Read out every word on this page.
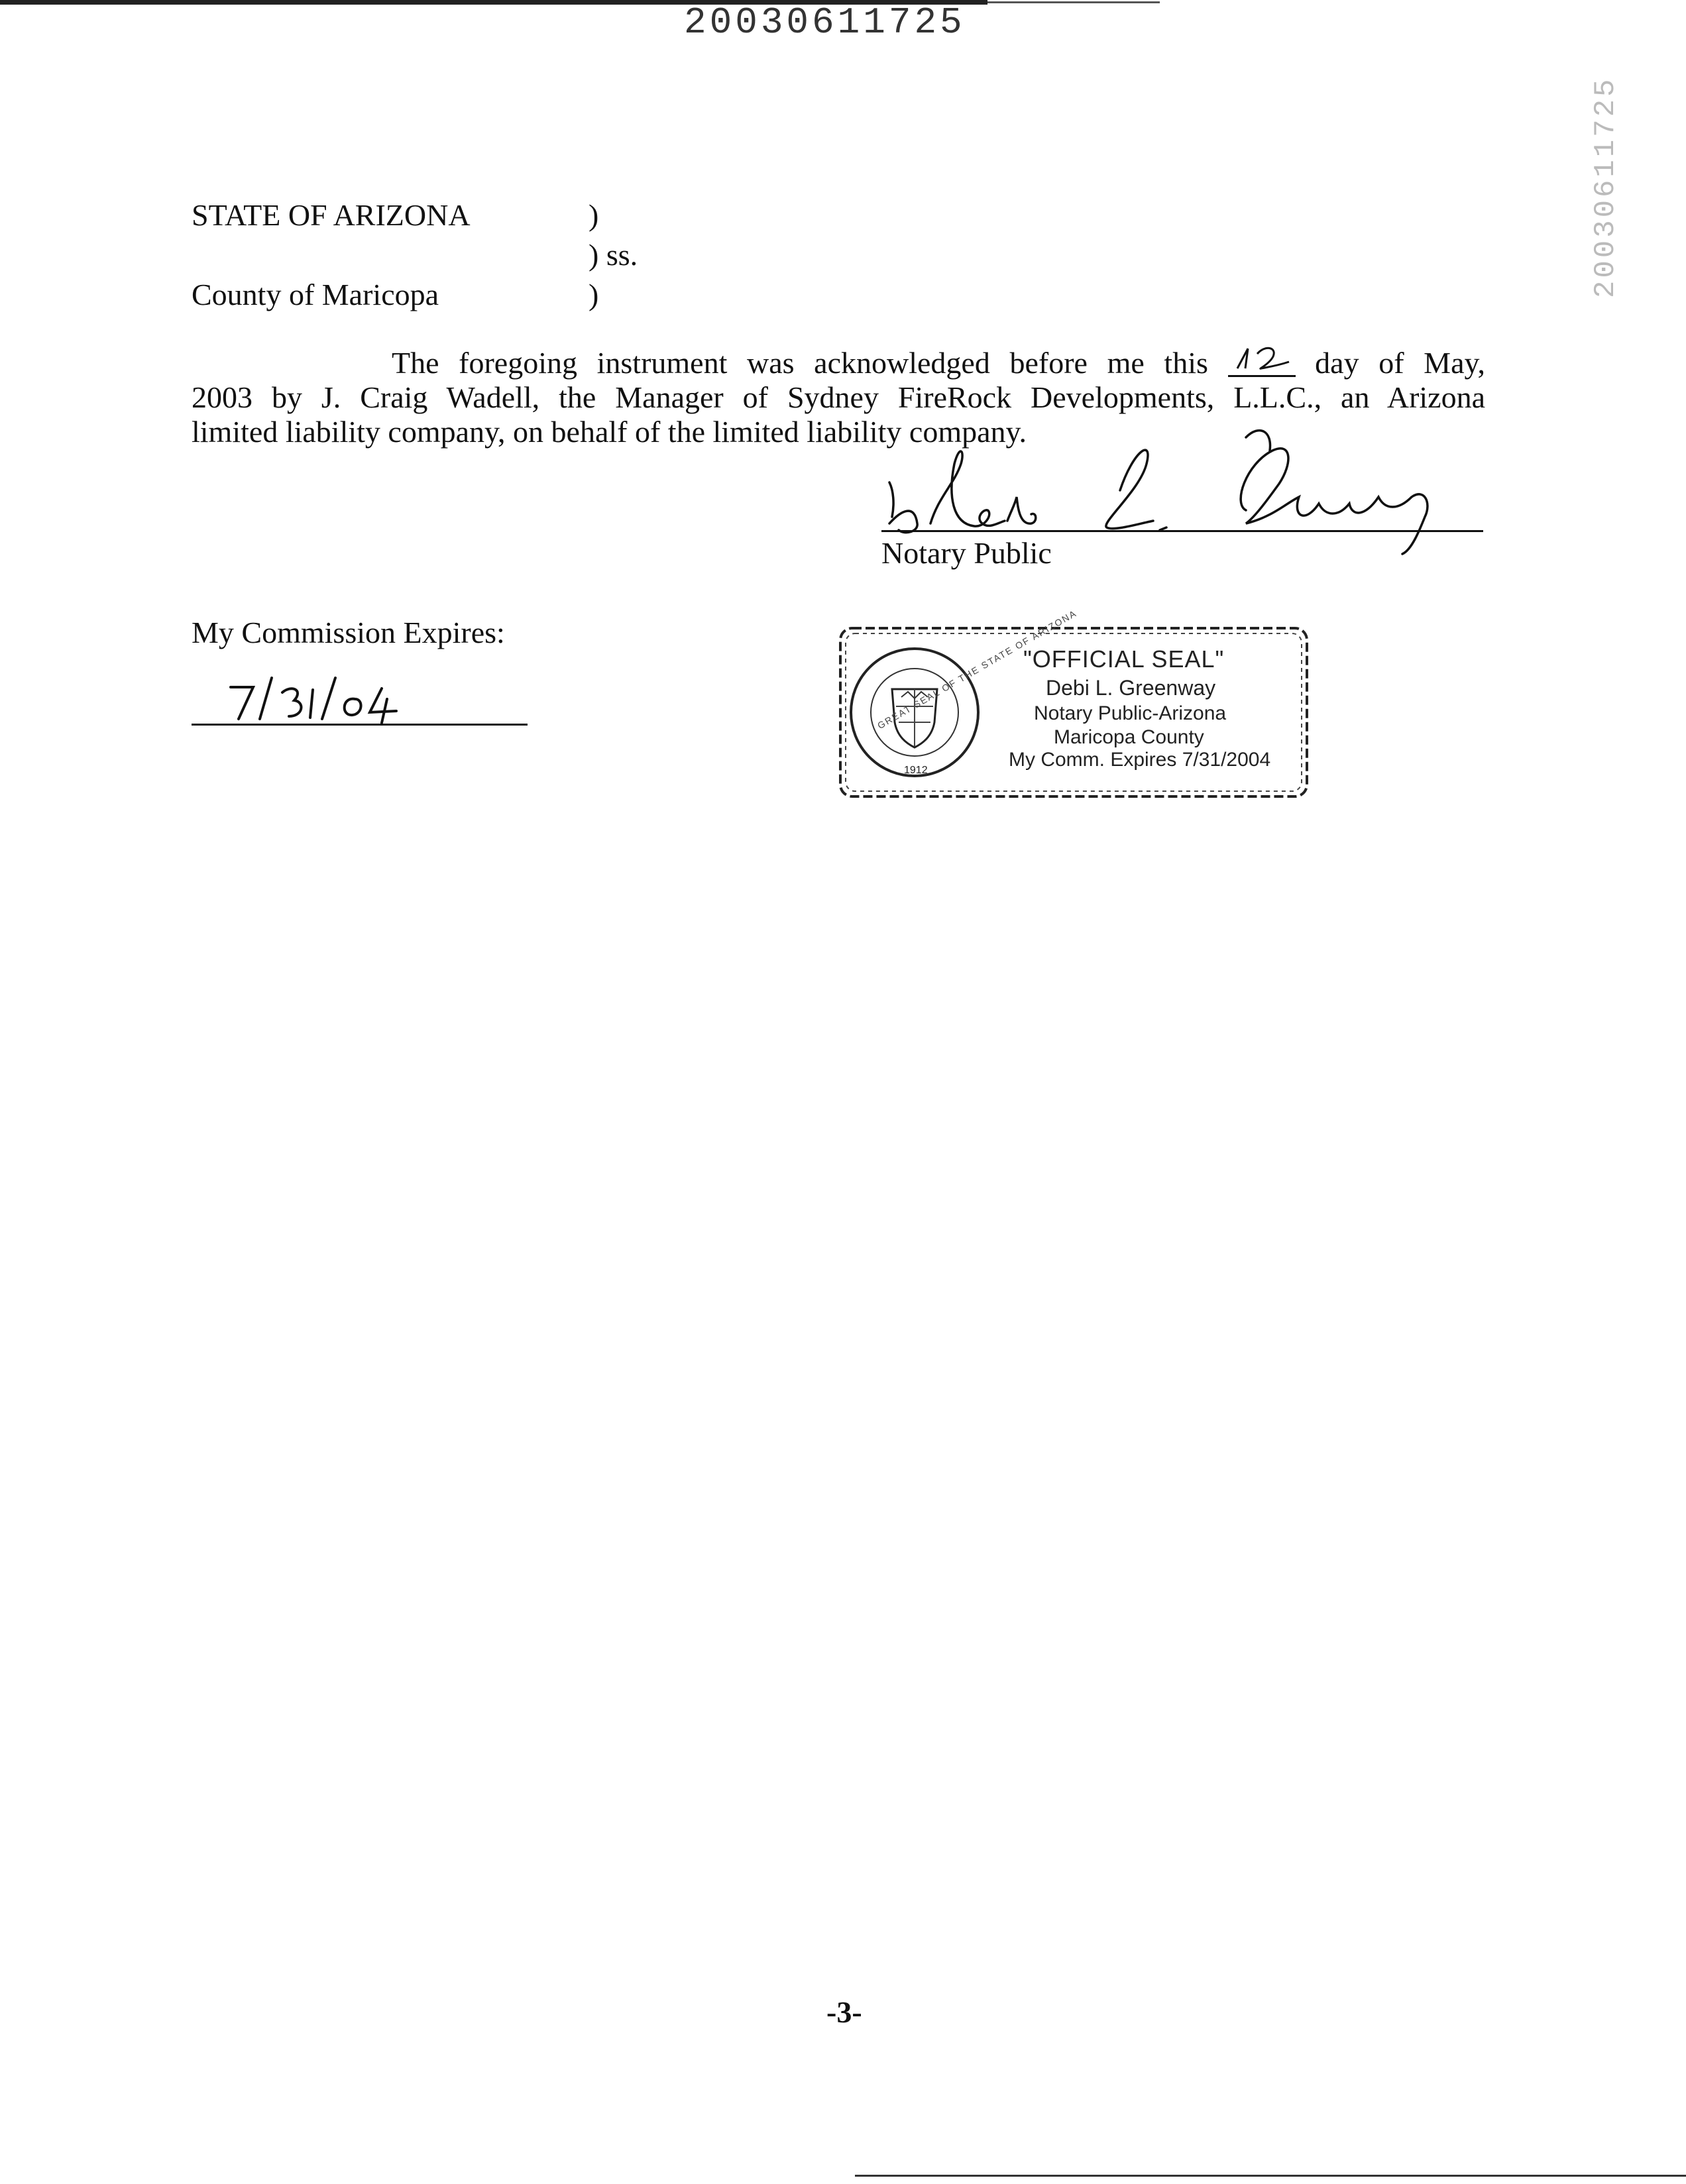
20030611725
20030611725
STATE OF ARIZONA	)
) ss.
County of Maricopa	)
The foregoing instrument was acknowledged before me this	day of May,
2003 by J. Craig Wadell, the Manager of Sydney FireRock Developments, L.L.C., an Arizona
limited liability company, on behalf of the limited liability company.
Notary Public
My Commission Expires:	GREAT SEAL OF THE STATE OF ARIZONA
1912
"OFFICIAL SEAL"
Debi L. Greenway
Notary Public-Arizona
Maricopa County
My Comm. Expires 7/31/2004
-3-
